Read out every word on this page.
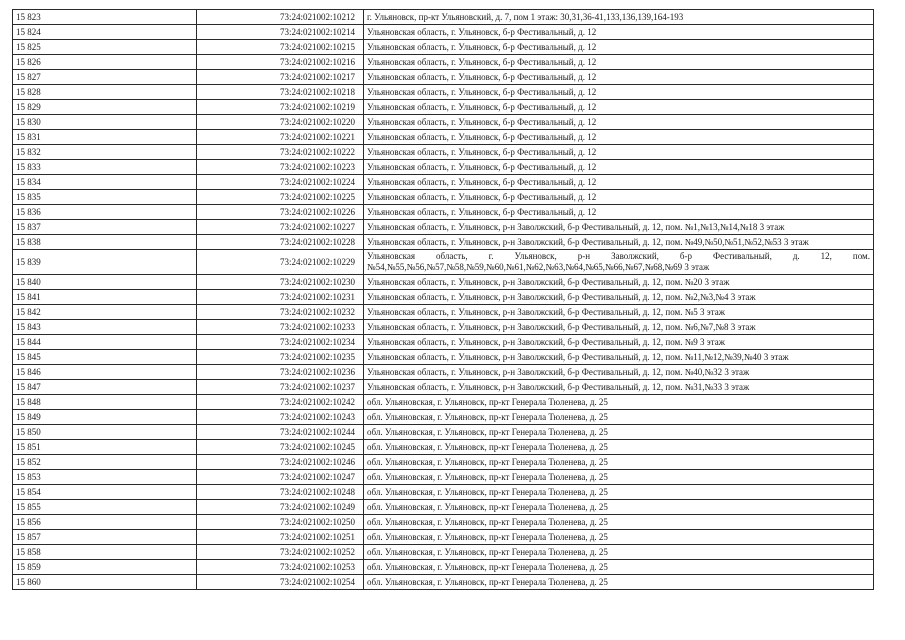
15 823	73:24:021002:10212	г. Ульяновск, пр-кт Ульяновский, д. 7, пом 1 этаж: 30,31,36-41,133,136,139,164-193
15 824	73:24:021002:10214	Ульяновская область, г. Ульяновск, б-р Фестивальный, д. 12
15 825	73:24:021002:10215	Ульяновская область, г. Ульяновск, б-р Фестивальный, д. 12
15 826	73:24:021002:10216	Ульяновская область, г. Ульяновск, б-р Фестивальный, д. 12
15 827	73:24:021002:10217	Ульяновская область, г. Ульяновск, б-р Фестивальный, д. 12
15 828	73:24:021002:10218	Ульяновская область, г. Ульяновск, б-р Фестивальный, д. 12
15 829	73:24:021002:10219	Ульяновская область, г. Ульяновск, б-р Фестивальный, д. 12
15 830	73:24:021002:10220	Ульяновская область, г. Ульяновск, б-р Фестивальный, д. 12
15 831	73:24:021002:10221	Ульяновская область, г. Ульяновск, б-р Фестивальный, д. 12
15 832	73:24:021002:10222	Ульяновская область, г. Ульяновск, б-р Фестивальный, д. 12
15 833	73:24:021002:10223	Ульяновская область, г. Ульяновск, б-р Фестивальный, д. 12
15 834	73:24:021002:10224	Ульяновская область, г. Ульяновск, б-р Фестивальный, д. 12
15 835	73:24:021002:10225	Ульяновская область, г. Ульяновск, б-р Фестивальный, д. 12
15 836	73:24:021002:10226	Ульяновская область, г. Ульяновск, б-р Фестивальный, д. 12
15 837	73:24:021002:10227	Ульяновская область, г. Ульяновск, р-н Заволжский, б-р Фестивальный, д. 12, пом. №1,№13,№14,№18 3 этаж
15 838	73:24:021002:10228	Ульяновская область, г. Ульяновск, р-н Заволжский, б-р Фестивальный, д. 12, пом. №49,№50,№51,№52,№53 3 этаж
15 839	73:24:021002:10229	Ульяновская область, г. Ульяновск, р-н Заволжский, б-р Фестивальный, д. 12, пом. №54,№55,№56,№57,№58,№59,№60,№61,№62,№63,№64,№65,№66,№67,№68,№69 3 этаж
15 840	73:24:021002:10230	Ульяновская область, г. Ульяновск, р-н Заволжский, б-р Фестивальный, д. 12, пом. №20 3 этаж
15 841	73:24:021002:10231	Ульяновская область, г. Ульяновск, р-н Заволжский, б-р Фестивальный, д. 12, пом. №2,№3,№4 3 этаж
15 842	73:24:021002:10232	Ульяновская область, г. Ульяновск, р-н Заволжский, б-р Фестивальный, д. 12, пом. №5 3 этаж
15 843	73:24:021002:10233	Ульяновская область, г. Ульяновск, р-н Заволжский, б-р Фестивальный, д. 12, пом. №6,№7,№8 3 этаж
15 844	73:24:021002:10234	Ульяновская область, г. Ульяновск, р-н Заволжский, б-р Фестивальный, д. 12, пом. №9 3 этаж
15 845	73:24:021002:10235	Ульяновская область, г. Ульяновск, р-н Заволжский, б-р Фестивальный, д. 12, пом. №11,№12,№39,№40 3 этаж
15 846	73:24:021002:10236	Ульяновская область, г. Ульяновск, р-н Заволжский, б-р Фестивальный, д. 12, пом. №40,№32 3 этаж
15 847	73:24:021002:10237	Ульяновская область, г. Ульяновск, р-н Заволжский, б-р Фестивальный, д. 12, пом. №31,№33 3 этаж
15 848	73:24:021002:10242	обл. Ульяновская, г. Ульяновск, пр-кт Генерала Тюленева, д. 25
15 849	73:24:021002:10243	обл. Ульяновская, г. Ульяновск, пр-кт Генерала Тюленева, д. 25
15 850	73:24:021002:10244	обл. Ульяновская, г. Ульяновск, пр-кт Генерала Тюленева, д. 25
15 851	73:24:021002:10245	обл. Ульяновская, г. Ульяновск, пр-кт Генерала Тюленева, д. 25
15 852	73:24:021002:10246	обл. Ульяновская, г. Ульяновск, пр-кт Генерала Тюленева, д. 25
15 853	73:24:021002:10247	обл. Ульяновская, г. Ульяновск, пр-кт Генерала Тюленева, д. 25
15 854	73:24:021002:10248	обл. Ульяновская, г. Ульяновск, пр-кт Генерала Тюленева, д. 25
15 855	73:24:021002:10249	обл. Ульяновская, г. Ульяновск, пр-кт Генерала Тюленева, д. 25
15 856	73:24:021002:10250	обл. Ульяновская, г. Ульяновск, пр-кт Генерала Тюленева, д. 25
15 857	73:24:021002:10251	обл. Ульяновская, г. Ульяновск, пр-кт Генерала Тюленева, д. 25
15 858	73:24:021002:10252	обл. Ульяновская, г. Ульяновск, пр-кт Генерала Тюленева, д. 25
15 859	73:24:021002:10253	обл. Ульяновская, г. Ульяновск, пр-кт Генерала Тюленева, д. 25
15 860	73:24:021002:10254	обл. Ульяновская, г. Ульяновск, пр-кт Генерала Тюленева, д. 25
